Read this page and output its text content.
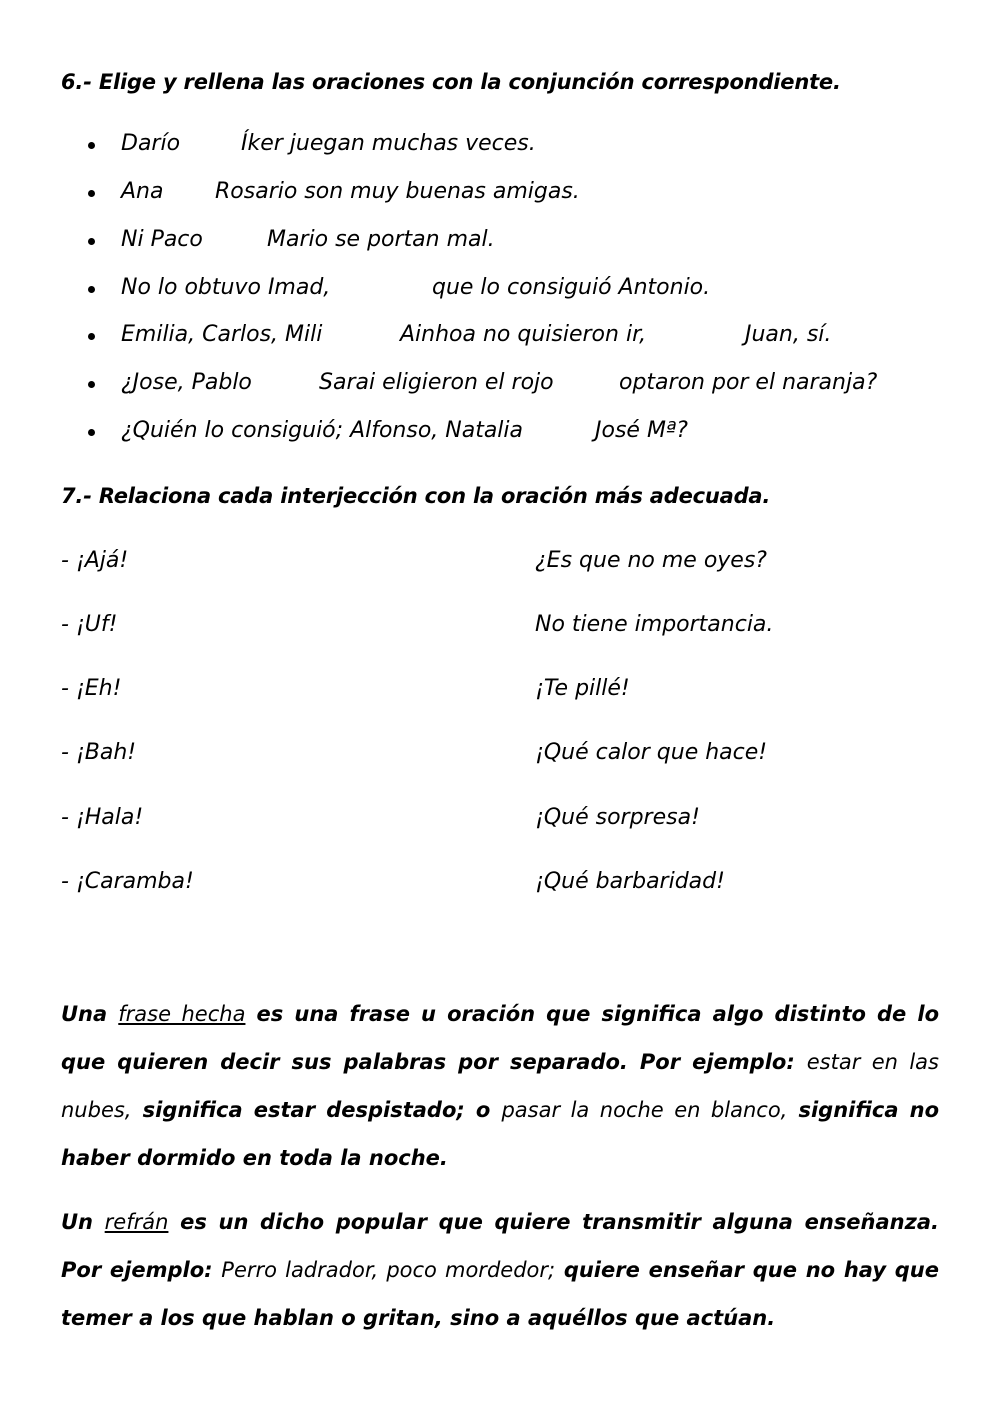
6.- Elige y rellena las oraciones con la conjunción correspondiente.
Darío	Íker juegan muchas veces.
Ana Rosario son muy buenas amigas.
Ni Paco	Mario se portan mal.
No lo obtuvo Imad,	que lo consiguió Antonio.
Emilia, Carlos, Mili	Ainhoa no quisieron ir,	Juan, sí.
¿Jose, Pablo	Sarai eligieron el rojo	optaron por el naranja?
¿Quién lo consiguió; Alfonso, Natalia	José Mª?
7.- Relaciona cada interjección con la oración más adecuada.
- ¡Ajá!	¿Es que no me oyes?
- ¡Uf!	No tiene importancia.
- ¡Eh!	¡Te pillé!
- ¡Bah!	¡Qué calor que hace!
- ¡Hala!	¡Qué sorpresa!
- ¡Caramba!	¡Qué barbaridad!

Una frase hecha es una frase u oración que significa algo distinto de lo que quieren decir sus palabras por separado. Por ejemplo: estar en las nubes, significa estar despistado; o pasar la noche en blanco, significa no haber dormido en toda la noche.

Un refrán es un dicho popular que quiere transmitir alguna enseñanza. Por ejemplo: Perro ladrador, poco mordedor; quiere enseñar que no hay que temer a los que hablan o gritan, sino a aquéllos que actúan.
